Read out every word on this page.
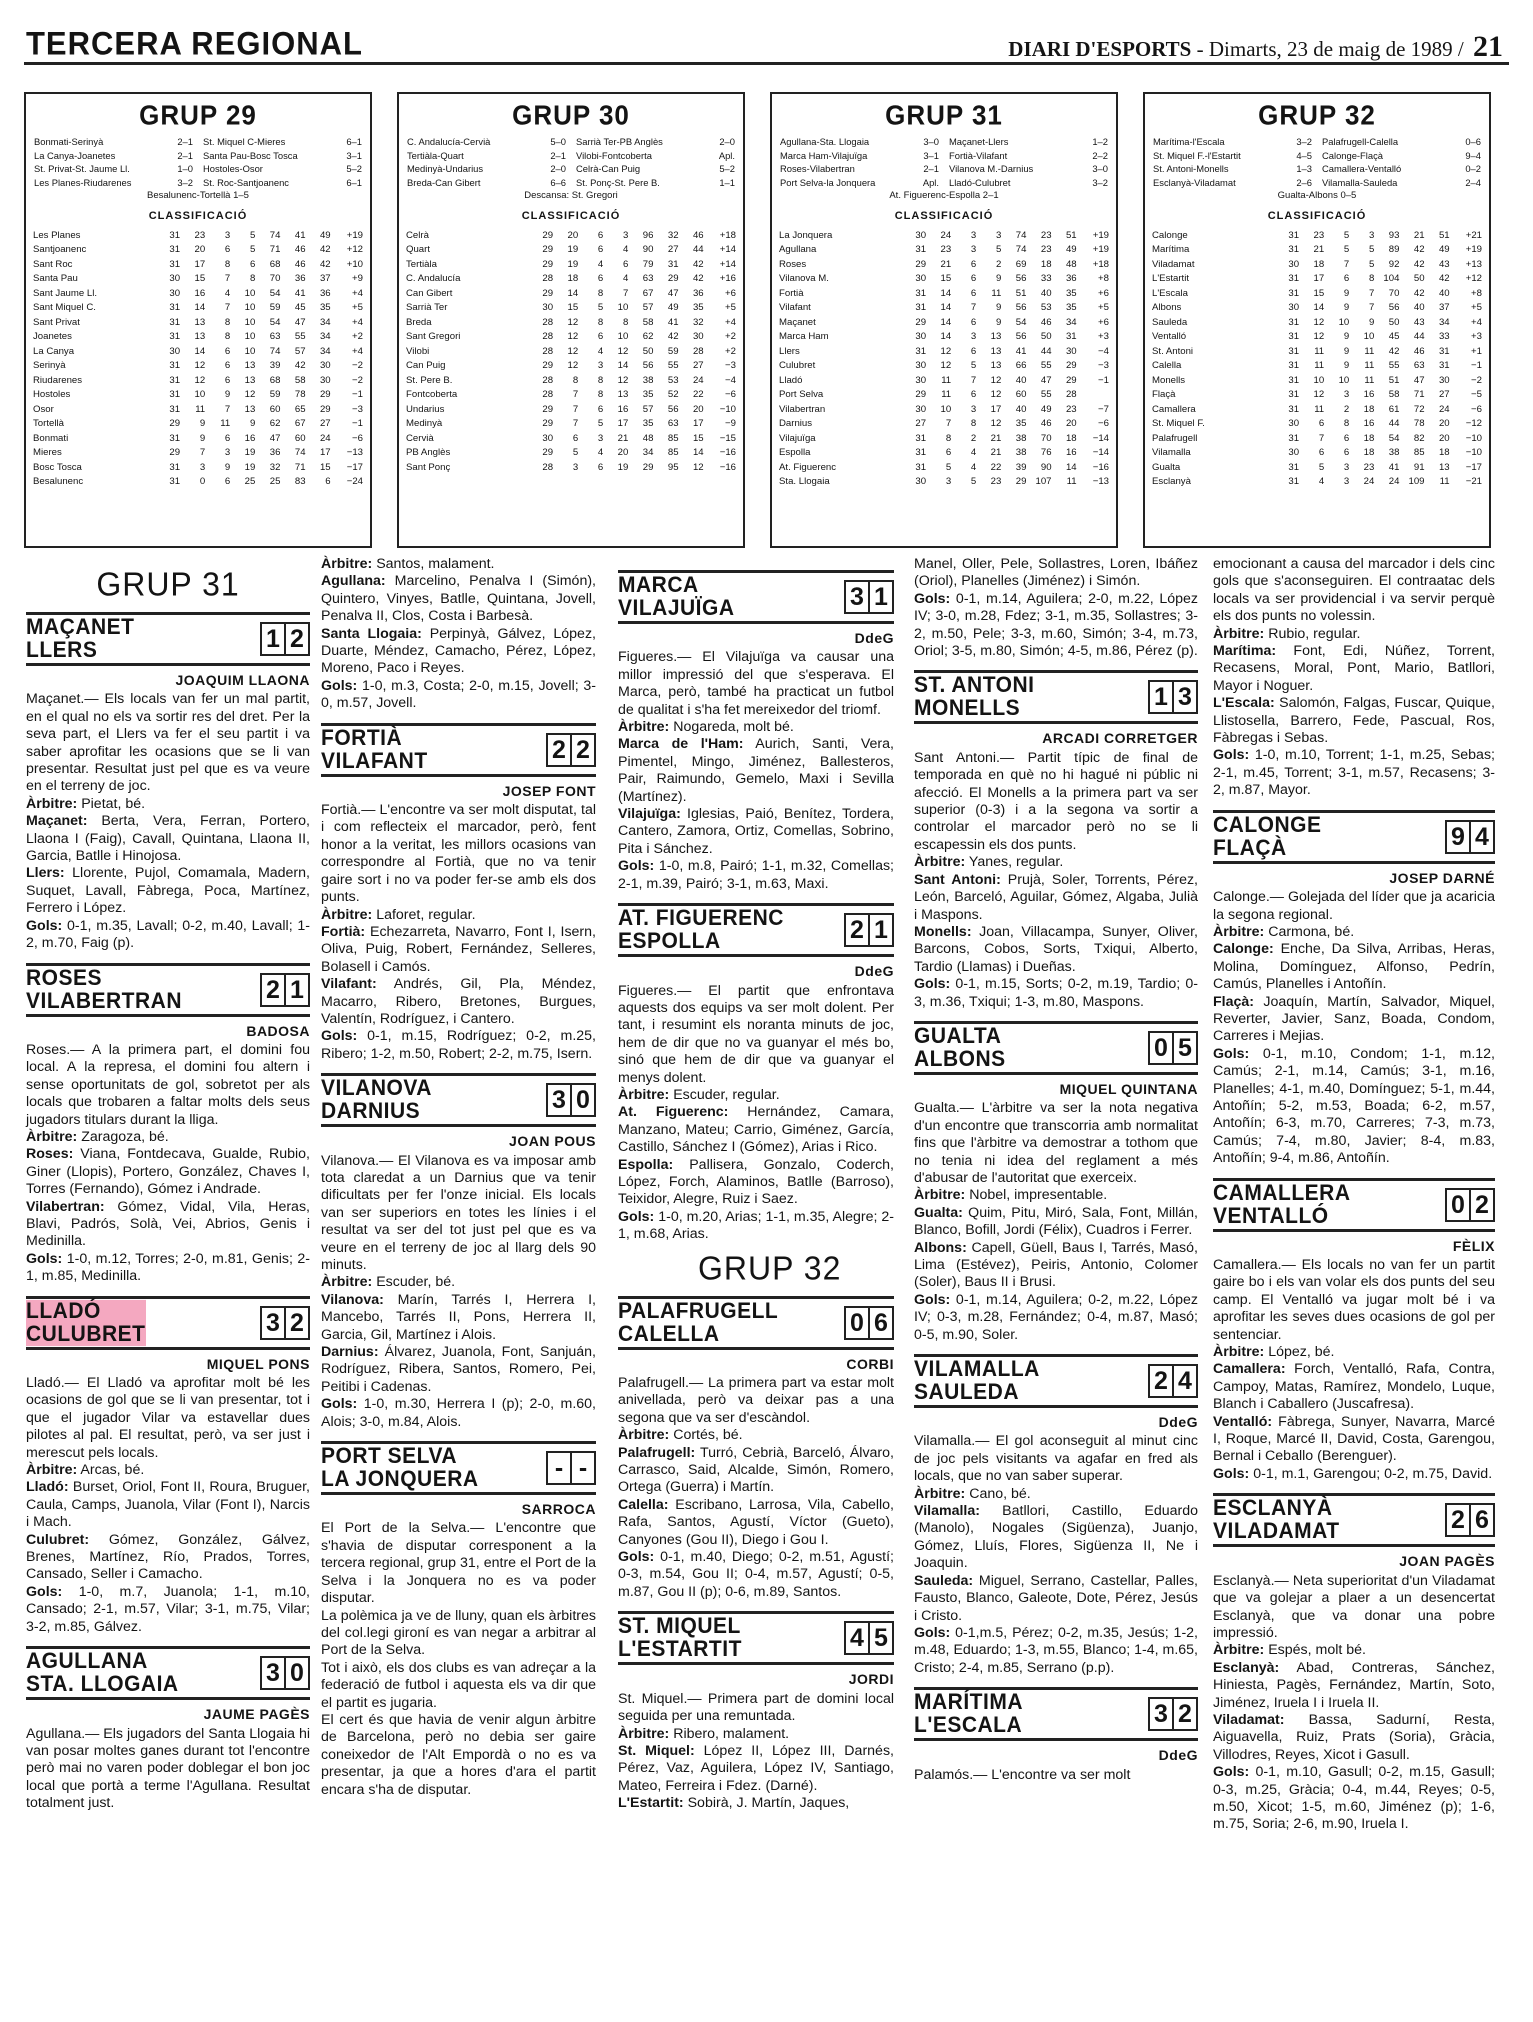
TERCERA REGIONAL	DIARI D'ESPORTS - Dimarts, 23 de maig de 1989 / 21
GRUP 29
Bonmati-Serinyà	2–1
La Canya-Joanetes	2–1
St. Privat-St. Jaume Ll.	1–0
Les Planes-Riudarenes	3–2
St. Miquel C-Mieres	6–1
Santa Pau-Bosc Tosca	3–1
Hostoles-Osor	5–2
St. Roc-Santjoanenc	6–1
Besalunenc-Tortellà 1–5
CLASSIFICACIÓ
Les Planes	31	23	3	5	74	41	49	+19
Santjoanenc	31	20	6	5	71	46	42	+12
Sant Roc	31	17	8	6	68	46	42	+10
Santa Pau	30	15	7	8	70	36	37	+9
Sant Jaume Ll.	30	16	4	10	54	41	36	+4
Sant Miquel C.	31	14	7	10	59	45	35	+5
Sant Privat	31	13	8	10	54	47	34	+4
Joanetes	31	13	8	10	63	55	34	+2
La Canya	30	14	6	10	74	57	34	+4
Serinyà	31	12	6	13	39	42	30	−2
Riudarenes	31	12	6	13	68	58	30	−2
Hostoles	31	10	9	12	59	78	29	−1
Osor	31	11	7	13	60	65	29	−3
Tortellà	29	9	11	9	62	67	27	−1
Bonmati	31	9	6	16	47	60	24	−6
Mieres	29	7	3	19	36	74	17	−13
Bosc Tosca	31	3	9	19	32	71	15	−17
Besalunenc	31	0	6	25	25	83	6	−24
GRUP 30
C. Andalucía-Cervià	5–0
Tertiàla-Quart	2–1
Medinyà-Undarius	2–0
Breda-Can Gibert	6–6
Sarrià Ter-PB Anglès	2–0
Vilobi-Fontcoberta	Apl.
Celrà-Can Puig	5–2
St. Ponç-St. Pere B.	1–1
Descansa: St. Gregori
CLASSIFICACIÓ
Celrà	29	20	6	3	96	32	46	+18
Quart	29	19	6	4	90	27	44	+14
Tertiàla	29	19	4	6	79	31	42	+14
C. Andalucía	28	18	6	4	63	29	42	+16
Can Gibert	29	14	8	7	67	47	36	+6
Sarrià Ter	30	15	5	10	57	49	35	+5
Breda	28	12	8	8	58	41	32	+4
Sant Gregori	28	12	6	10	62	42	30	+2
Vilobi	28	12	4	12	50	59	28	+2
Can Puig	29	12	3	14	56	55	27	−3
St. Pere B.	28	8	8	12	38	53	24	−4
Fontcoberta	28	7	8	13	35	52	22	−6
Undarius	29	7	6	16	57	56	20	−10
Medinyà	29	7	5	17	35	63	17	−9
Cervià	30	6	3	21	48	85	15	−15
PB Anglès	29	5	4	20	34	85	14	−16
Sant Ponç	28	3	6	19	29	95	12	−16
GRUP 31
Agullana-Sta. Llogaia	3–0
Marca Ham-Vilajuïga	3–1
Roses-Vilabertran	2–1
Port Selva-la Jonquera	Apl.
Maçanet-Llers	1–2
Fortià-Vilafant	2–2
Vilanova M.-Darnius	3–0
Lladó-Culubret	3–2
At. Figuerenc-Espolla 2–1
CLASSIFICACIÓ
La Jonquera	30	24	3	3	74	23	51	+19
Agullana	31	23	3	5	74	23	49	+19
Roses	29	21	6	2	69	18	48	+18
Vilanova M.	30	15	6	9	56	33	36	+8
Fortià	31	14	6	11	51	40	35	+6
Vilafant	31	14	7	9	56	53	35	+5
Maçanet	29	14	6	9	54	46	34	+6
Marca Ham	30	14	3	13	56	50	31	+3
Llers	31	12	6	13	41	44	30	−4
Culubret	30	12	5	13	66	55	29	−3
Lladó	30	11	7	12	40	47	29	−1
Port Selva	29	11	6	12	60	55	28	
Vilabertran	30	10	3	17	40	49	23	−7
Darnius	27	7	8	12	35	46	20	−6
Vilajuïga	31	8	2	21	38	70	18	−14
Espolla	31	6	4	21	38	76	16	−14
At. Figuerenc	31	5	4	22	39	90	14	−16
Sta. Llogaia	30	3	5	23	29	107	11	−13
GRUP 32
Marítima-l'Escala	3–2
St. Miquel F.-l'Estartit	4–5
St. Antoni-Monells	1–3
Esclanyà-Viladamat	2–6
Palafrugell-Calella	0–6
Calonge-Flaçà	9–4
Camallera-Ventalló	0–2
Vilamalla-Sauleda	2–4
Gualta-Albons 0–5
CLASSIFICACIÓ
Calonge	31	23	5	3	93	21	51	+21
Marítima	31	21	5	5	89	42	49	+19
Viladamat	30	18	7	5	92	42	43	+13
L'Estartit	31	17	6	8	104	50	42	+12
L'Escala	31	15	9	7	70	42	40	+8
Albons	30	14	9	7	56	40	37	+5
Sauleda	31	12	10	9	50	43	34	+4
Ventalló	31	12	9	10	45	44	33	+3
St. Antoni	31	11	9	11	42	46	31	+1
Calella	31	11	9	11	55	63	31	−1
Monells	31	10	10	11	51	47	30	−2
Flaçà	31	12	3	16	58	71	27	−5
Camallera	31	11	2	18	61	72	24	−6
St. Miquel F.	30	6	8	16	44	78	20	−12
Palafrugell	31	7	6	18	54	82	20	−10
Vilamalla	30	6	6	18	38	85	18	−10
Gualta	31	5	3	23	41	91	13	−17
Esclanyà	31	4	3	24	24	109	11	−21
GRUP 31
MAÇANET
LLERS	1 2
JOAQUIM LLAONA

Maçanet.— Els locals van fer un mal partit, en el qual no els va sortir res del dret. Per la seva part, el Llers va fer el seu partit i va saber aprofitar les ocasions que se li van presentar. Resultat just pel que es va veure en el terreny de joc.

Àrbitre: Pietat, bé.

Maçanet: Berta, Vera, Ferran, Portero, Llaona I (Faig), Cavall, Quintana, Llaona II, Garcia, Batlle i Hinojosa.

Llers: Llorente, Pujol, Comamala, Madern, Suquet, Lavall, Fàbrega, Poca, Martínez, Ferrero i López.

Gols: 0-1, m.35, Lavall; 0-2, m.40, Lavall; 1-2, m.70, Faig (p).

ROSES
VILABERTRAN	2 1
BADOSA

Roses.— A la primera part, el domini fou local. A la represa, el domini fou altern i sense oportunitats de gol, sobretot per als locals que trobaren a faltar molts dels seus jugadors titulars durant la lliga.

Àrbitre: Zaragoza, bé.

Roses: Viana, Fontdecava, Gualde, Rubio, Giner (Llopis), Portero, González, Chaves I, Torres (Fernando), Gómez i Andrade.

Vilabertran: Gómez, Vidal, Vila, Heras, Blavi, Padrós, Solà, Vei, Abrios, Genis i Medinilla.

Gols: 1-0, m.12, Torres; 2-0, m.81, Genis; 2-1, m.85, Medinilla.

LLADÓ
CULUBRET	3 2
MIQUEL PONS

Lladó.— El Lladó va aprofitar molt bé les ocasions de gol que se li van presentar, tot i que el jugador Vilar va estavellar dues pilotes al pal. El resultat, però, va ser just i merescut pels locals.

Àrbitre: Arcas, bé.

Lladó: Burset, Oriol, Font II, Roura, Bruguer, Caula, Camps, Juanola, Vilar (Font I), Narcis i Mach.

Culubret: Gómez, González, Gálvez, Brenes, Martínez, Río, Prados, Torres, Cansado, Seller i Camacho.

Gols: 1-0, m.7, Juanola; 1-1, m.10, Cansado; 2-1, m.57, Vilar; 3-1, m.75, Vilar; 3-2, m.85, Gálvez.

AGULLANA
STA. LLOGAIA	3 0
JAUME PAGÈS

Agullana.— Els jugadors del Santa Llogaia hi van posar moltes ganes durant tot l'encontre però mai no varen poder doblegar el bon joc local que portà a terme l'Agullana. Resultat totalment just.

Àrbitre: Santos, malament.

Agullana: Marcelino, Penalva I (Simón), Quintero, Vinyes, Batlle, Quintana, Jovell, Penalva II, Clos, Costa i Barbesà.

Santa Llogaia: Perpinyà, Gálvez, López, Duarte, Méndez, Camacho, Pérez, López, Moreno, Paco i Reyes.

Gols: 1-0, m.3, Costa; 2-0, m.15, Jovell; 3-0, m.57, Jovell.

FORTIÀ
VILAFANT	2 2
JOSEP FONT

Fortià.— L'encontre va ser molt disputat, tal i com reflecteix el marcador, però, fent honor a la veritat, les millors ocasions van correspondre al Fortià, que no va tenir gaire sort i no va poder fer-se amb els dos punts.

Àrbitre: Laforet, regular.

Fortià: Echezarreta, Navarro, Font I, Isern, Oliva, Puig, Robert, Fernández, Selleres, Bolasell i Camós.

Vilafant: Andrés, Gil, Pla, Méndez, Macarro, Ribero, Bretones, Burgues, Valentín, Rodríguez, i Cantero.

Gols: 0-1, m.15, Rodríguez; 0-2, m.25, Ribero; 1-2, m.50, Robert; 2-2, m.75, Isern.

VILANOVA
DARNIUS	3 0
JOAN POUS

Vilanova.— El Vilanova es va imposar amb tota claredat a un Darnius que va tenir dificultats per fer l'onze inicial. Els locals van ser superiors en totes les línies i el resultat va ser del tot just pel que es va veure en el terreny de joc al llarg dels 90 minuts.

Àrbitre: Escuder, bé.

Vilanova: Marín, Tarrés I, Herrera I, Mancebo, Tarrés II, Pons, Herrera II, Garcia, Gil, Martínez i Alois.

Darnius: Álvarez, Juanola, Font, Sanjuán, Rodríguez, Ribera, Santos, Romero, Pei, Peitibi i Cadenas.

Gols: 1-0, m.30, Herrera I (p); 2-0, m.60, Alois; 3-0, m.84, Alois.

PORT SELVA
LA JONQUERA	- -
SARROCA

El Port de la Selva.— L'encontre que s'havia de disputar corresponent a la tercera regional, grup 31, entre el Port de la Selva i la Jonquera no es va poder disputar.

La polèmica ja ve de lluny, quan els àrbitres del col.legi gironí es van negar a arbitrar al Port de la Selva.

Tot i això, els dos clubs es van adreçar a la federació de futbol i aquesta els va dir que el partit es jugaria.

El cert és que havia de venir algun àrbitre de Barcelona, però no debia ser gaire coneixedor de l'Alt Empordà o no es va presentar, ja que a hores d'ara el partit encara s'ha de disputar.

MARCA
VILAJUÏGA	3 1
DdeG

Figueres.— El Vilajuïga va causar una millor impressió del que s'esperava. El Marca, però, també ha practicat un futbol de qualitat i s'ha fet mereixedor del triomf.

Àrbitre: Nogareda, molt bé.

Marca de l'Ham: Aurich, Santi, Vera, Pimentel, Mingo, Jiménez, Ballesteros, Pair, Raimundo, Gemelo, Maxi i Sevilla (Martínez).

Vilajuïga: Iglesias, Paió, Benítez, Tordera, Cantero, Zamora, Ortiz, Comellas, Sobrino, Pita i Sánchez.

Gols: 1-0, m.8, Pairó; 1-1, m.32, Comellas; 2-1, m.39, Pairó; 3-1, m.63, Maxi.

AT. FIGUERENC
ESPOLLA	2 1
DdeG

Figueres.— El partit que enfrontava aquests dos equips va ser molt dolent. Per tant, i resumint els noranta minuts de joc, hem de dir que no va guanyar el més bo, sinó que hem de dir que va guanyar el menys dolent.

Àrbitre: Escuder, regular.

At. Figuerenc: Hernández, Camara, Manzano, Mateu; Carrio, Giménez, García, Castillo, Sánchez I (Gómez), Arias i Rico.

Espolla: Pallisera, Gonzalo, Coderch, López, Forch, Alaminos, Batlle (Barroso), Teixidor, Alegre, Ruiz i Saez.

Gols: 1-0, m.20, Arias; 1-1, m.35, Alegre; 2-1, m.68, Arias.

GRUP 32
PALAFRUGELL
CALELLA	0 6
CORBI

Palafrugell.— La primera part va estar molt anivellada, però va deixar pas a una segona que va ser d'escàndol.

Àrbitre: Cortés, bé.

Palafrugell: Turró, Cebrià, Barceló, Álvaro, Carrasco, Said, Alcalde, Simón, Romero, Ortega (Guerra) i Martín.

Calella: Escribano, Larrosa, Vila, Cabello, Rafa, Santos, Agustí, Víctor (Gueto), Canyones (Gou II), Diego i Gou I.

Gols: 0-1, m.40, Diego; 0-2, m.51, Agustí; 0-3, m.54, Gou II; 0-4, m.57, Agustí; 0-5, m.87, Gou II (p); 0-6, m.89, Santos.

ST. MIQUEL
L'ESTARTIT	4 5
JORDI

St. Miquel.— Primera part de domini local seguida per una remuntada.

Àrbitre: Ribero, malament.

St. Miquel: López II, López III, Darnés, Pérez, Vaz, Aguilera, López IV, Santiago, Mateo, Ferreira i Fdez. (Darné).

L'Estartit: Sobirà, J. Martín, Jaques,

Manel, Oller, Pele, Sollastres, Loren, Ibáñez (Oriol), Planelles (Jiménez) i Simón.

Gols: 0-1, m.14, Aguilera; 2-0, m.22, López IV; 3-0, m.28, Fdez; 3-1, m.35, Sollastres; 3-2, m.50, Pele; 3-3, m.60, Simón; 3-4, m.73, Oriol; 3-5, m.80, Simón; 4-5, m.86, Pérez (p).

ST. ANTONI
MONELLS	1 3
ARCADI CORRETGER

Sant Antoni.— Partit típic de final de temporada en què no hi hagué ni públic ni afecció. El Monells a la primera part va ser superior (0-3) i a la segona va sortir a controlar el marcador però no se li escapessin els dos punts.

Àrbitre: Yanes, regular.

Sant Antoni: Prujà, Soler, Torrents, Pérez, León, Barceló, Aguilar, Gómez, Algaba, Julià i Maspons.

Monells: Joan, Villacampa, Sunyer, Oliver, Barcons, Cobos, Sorts, Txiqui, Alberto, Tardio (Llamas) i Dueñas.

Gols: 0-1, m.15, Sorts; 0-2, m.19, Tardio; 0-3, m.36, Txiqui; 1-3, m.80, Maspons.

GUALTA
ALBONS	0 5
MIQUEL QUINTANA

Gualta.— L'àrbitre va ser la nota negativa d'un encontre que transcorria amb normalitat fins que l'àrbitre va demostrar a tothom que no tenia ni idea del reglament a més d'abusar de l'autoritat que exerceix.

Àrbitre: Nobel, impresentable.

Gualta: Quim, Pitu, Miró, Sala, Font, Millán, Blanco, Bofill, Jordi (Félix), Cuadros i Ferrer.

Albons: Capell, Güell, Baus I, Tarrés, Masó, Lima (Estévez), Peiris, Antonio, Colomer (Soler), Baus II i Brusi.

Gols: 0-1, m.14, Aguilera; 0-2, m.22, López IV; 0-3, m.28, Fernández; 0-4, m.87, Masó; 0-5, m.90, Soler.

VILAMALLA
SAULEDA	2 4
DdeG

Vilamalla.— El gol aconseguit al minut cinc de joc pels visitants va agafar en fred als locals, que no van saber superar.

Àrbitre: Cano, bé.

Vilamalla: Batllori, Castillo, Eduardo (Manolo), Nogales (Sigüenza), Juanjo, Gómez, Lluís, Flores, Sigüenza II, Ne i Joaquin.

Sauleda: Miguel, Serrano, Castellar, Palles, Fausto, Blanco, Galeote, Dote, Pérez, Jesús i Cristo.

Gols: 0-1,m.5, Pérez; 0-2, m.35, Jesús; 1-2, m.48, Eduardo; 1-3, m.55, Blanco; 1-4, m.65, Cristo; 2-4, m.85, Serrano (p.p).

MARÍTIMA
L'ESCALA	3 2
DdeG

Palamós.— L'encontre va ser molt

emocionant a causa del marcador i dels cinc gols que s'aconseguiren. El contraatac dels locals va ser providencial i va servir perquè els dos punts no volessin.

Àrbitre: Rubio, regular.

Marítima: Font, Edi, Núñez, Torrent, Recasens, Moral, Pont, Mario, Batllori, Mayor i Noguer.

L'Escala: Salomón, Falgas, Fuscar, Quique, Llistosella, Barrero, Fede, Pascual, Ros, Fàbregas i Sebas.

Gols: 1-0, m.10, Torrent; 1-1, m.25, Sebas; 2-1, m.45, Torrent; 3-1, m.57, Recasens; 3-2, m.87, Mayor.

CALONGE
FLAÇÀ	9 4
JOSEP DARNÉ

Calonge.— Golejada del líder que ja acaricia la segona regional.

Àrbitre: Carmona, bé.

Calonge: Enche, Da Silva, Arribas, Heras, Molina, Domínguez, Alfonso, Pedrín, Camús, Planelles i Antoñín.

Flaçà: Joaquín, Martín, Salvador, Miquel, Reverter, Javier, Sanz, Boada, Condom, Carreres i Mejias.

Gols: 0-1, m.10, Condom; 1-1, m.12, Camús; 2-1, m.14, Camús; 3-1, m.16, Planelles; 4-1, m.40, Domínguez; 5-1, m.44, Antoñín; 5-2, m.53, Boada; 6-2, m.57, Antoñín; 6-3, m.70, Carreres; 7-3, m.73, Camús; 7-4, m.80, Javier; 8-4, m.83, Antoñín; 9-4, m.86, Antoñín.

CAMALLERA
VENTALLÓ	0 2
FÈLIX

Camallera.— Els locals no van fer un partit gaire bo i els van volar els dos punts del seu camp. El Ventalló va jugar molt bé i va aprofitar les seves dues ocasions de gol per sentenciar.

Àrbitre: López, bé.

Camallera: Forch, Ventalló, Rafa, Contra, Campoy, Matas, Ramírez, Mondelo, Luque, Blanch i Caballero (Juscafresa).

Ventalló: Fàbrega, Sunyer, Navarra, Marcé I, Roque, Marcé II, David, Costa, Garengou, Bernal i Ceballo (Berenguer).

Gols: 0-1, m.1, Garengou; 0-2, m.75, David.

ESCLANYÀ
VILADAMAT	2 6
JOAN PAGÈS

Esclanyà.— Neta superioritat d'un Viladamat que va golejar a plaer a un desencertat Esclanyà, que va donar una pobre impressió.

Àrbitre: Espés, molt bé.

Esclanyà: Abad, Contreras, Sánchez, Hiniesta, Pagès, Fernández, Martín, Soto, Jiménez, Iruela I i Iruela II.

Viladamat: Bassa, Sadurní, Resta, Aiguavella, Ruiz, Prats (Soria), Gràcia, Villodres, Reyes, Xicot i Gasull.

Gols: 0-1, m.10, Gasull; 0-2, m.15, Gasull; 0-3, m.25, Gràcia; 0-4, m.44, Reyes; 0-5, m.50, Xicot; 1-5, m.60, Jiménez (p); 1-6, m.75, Soria; 2-6, m.90, Iruela I.
